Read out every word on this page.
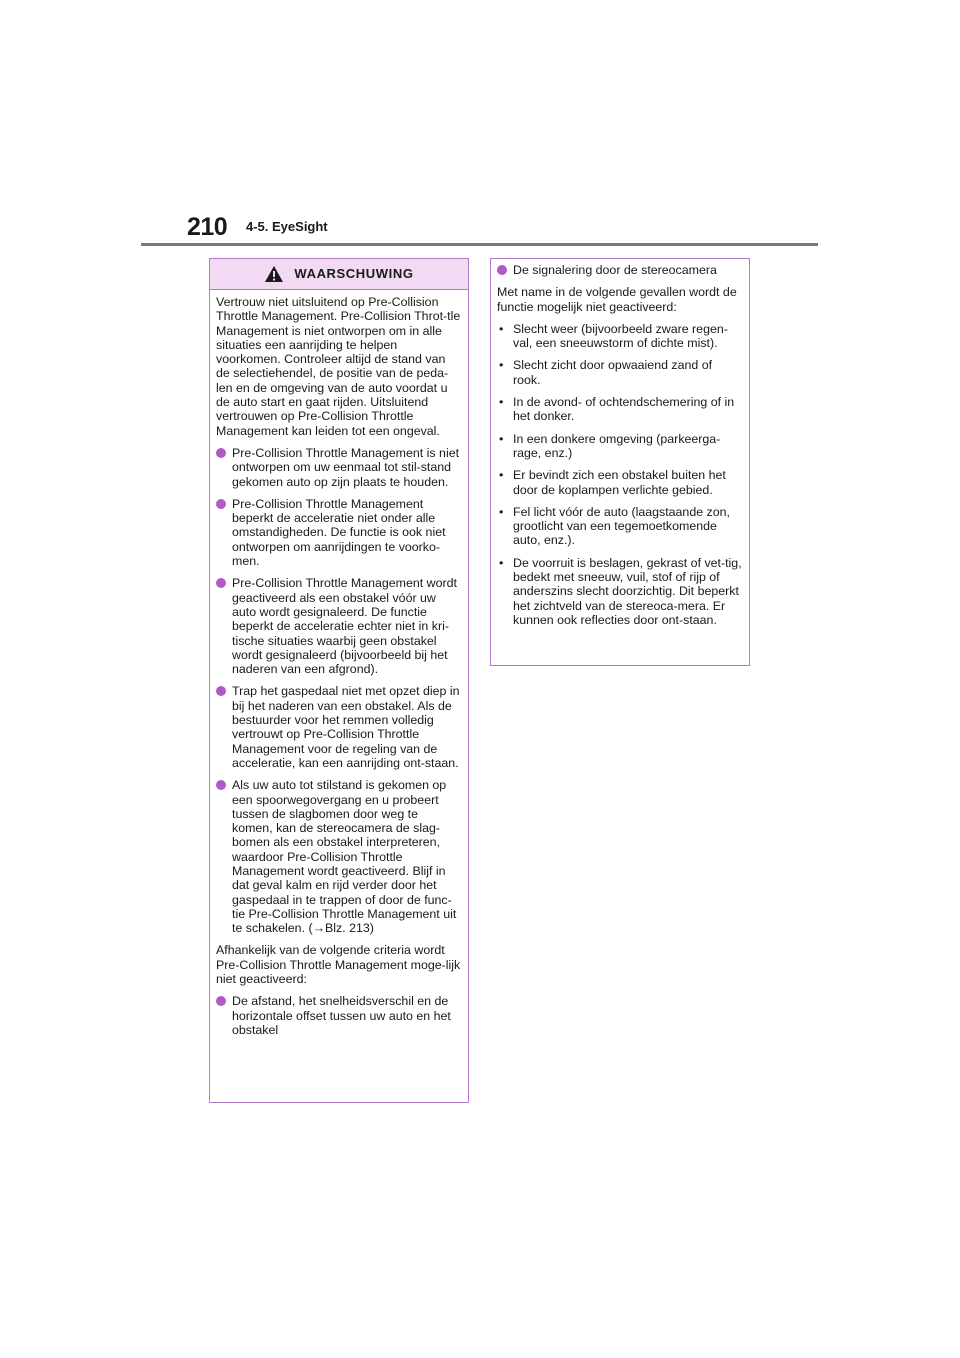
210 4-5. EyeSight
WAARSCHUWING

Vertrouw niet uitsluitend op Pre-Collision Throttle Management. Pre-Collision Throt-tle Management is niet ontworpen om in alle situaties een aanrijding te helpen voorkomen. Controleer altijd de stand van de selectiehendel, de positie van de peda-len en de omgeving van de auto voordat u de auto start en gaat rijden. Uitsluitend vertrouwen op Pre-Collision Throttle Management kan leiden tot een ongeval.

Pre-Collision Throttle Management is niet ontworpen om uw eenmaal tot stil-stand gekomen auto op zijn plaats te houden.
Pre-Collision Throttle Management beperkt de acceleratie niet onder alle omstandigheden. De functie is ook niet ontworpen om aanrijdingen te voorko-men.
Pre-Collision Throttle Management wordt geactiveerd als een obstakel vóór uw auto wordt gesignaleerd. De functie beperkt de acceleratie echter niet in kri-tische situaties waarbij geen obstakel wordt gesignaleerd (bijvoorbeeld bij het naderen van een afgrond).
Trap het gaspedaal niet met opzet diep in bij het naderen van een obstakel. Als de bestuurder voor het remmen volledig vertrouwt op Pre-Collision Throttle Management voor de regeling van de acceleratie, kan een aanrijding ont-staan.
Als uw auto tot stilstand is gekomen op een spoorwegovergang en u probeert tussen de slagbomen door weg te komen, kan de stereocamera de slag-bomen als een obstakel interpreteren, waardoor Pre-Collision Throttle Management wordt geactiveerd. Blijf in dat geval kalm en rijd verder door het gaspedaal in te trappen of door de func-tie Pre-Collision Throttle Management uit te schakelen. (→Blz. 213)

Afhankelijk van de volgende criteria wordt Pre-Collision Throttle Management moge-lijk niet geactiveerd:

De afstand, het snelheidsverschil en de horizontale offset tussen uw auto en het obstakel
De signalering door de stereocamera

Met name in de volgende gevallen wordt de functie mogelijk niet geactiveerd:

• Slecht weer (bijvoorbeeld zware regen-val, een sneeuwstorm of dichte mist).
• Slecht zicht door opwaaiend zand of rook.
• In de avond- of ochtendschemering of in het donker.
• In een donkere omgeving (parkeerga-rage, enz.)
• Er bevindt zich een obstakel buiten het door de koplampen verlichte gebied.
• Fel licht vóór de auto (laagstaande zon, grootlicht van een tegemoetkomende auto, enz.).
• De voorruit is beslagen, gekrast of vet-tig, bedekt met sneeuw, vuil, stof of rijp of anderszins slecht doorzichtig. Dit beperkt het zichtveld van de stereoca-mera. Er kunnen ook reflecties door ont-staan.
